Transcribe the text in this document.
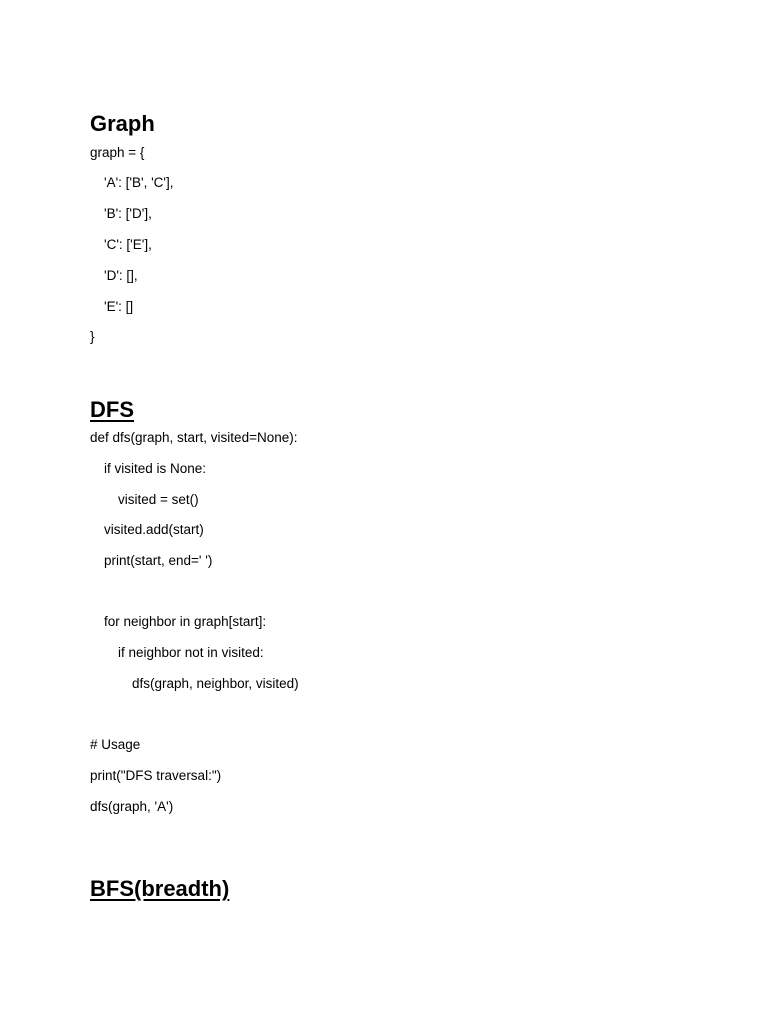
Graph

graph = {

'A': ['B', 'C'],

'B': ['D'],

'C': ['E'],

'D': [],

'E': []

}

DFS

def dfs(graph, start, visited=None):

if visited is None:

visited = set()

visited.add(start)

print(start, end=' ')

for neighbor in graph[start]:

if neighbor not in visited:

dfs(graph, neighbor, visited)

# Usage

print("DFS traversal:")

dfs(graph, 'A')

BFS(breadth)
